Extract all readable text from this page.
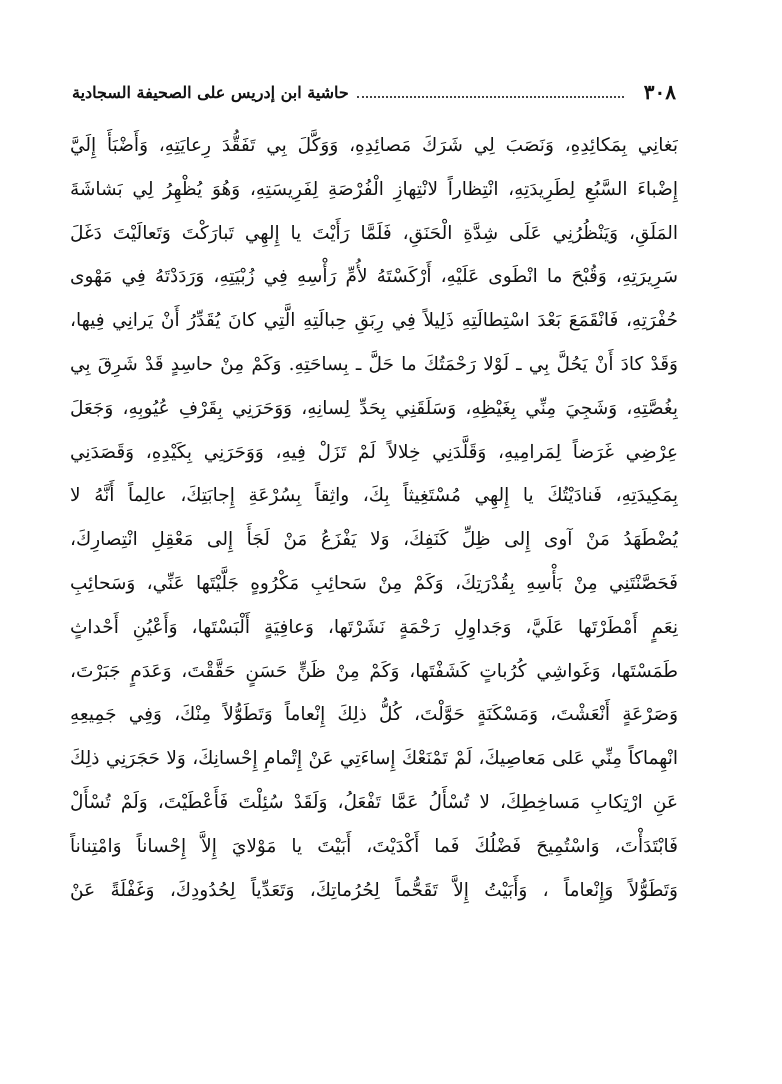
٣٠٨
حاشية ابن إدريس على الصحيفة السجادية
بَغانِي بِمَكائِدِهِ، وَنَصَبَ لِي شَرَكَ مَصائِدِهِ، وَوَكَّلَ بِي تَفَقُّدَ رِعايَتِهِ، وَأَضْبَأَ إِلَيَّ
إِضْباءَ السَّبُعِ لِطَرِيدَتِهِ، انْتِظاراً لانْتِهازِ الْفُرْصَةِ لِفَرِيسَتِهِ، وَهُوَ يُظْهِرُ لِي بَشاشَةَ
المَلَقِ، وَيَنْظُرُنِي عَلَى شِدَّةِ الْحَنَقِ، فَلَمَّا رَأَيْتَ يا إِلهِي تَبارَكْتَ وَتَعالَيْتَ دَغَلَ
سَرِيرَتِهِ، وَقُبْحَ ما انْطَوى عَلَيْهِ، أَرْكَسْتَهُ لأُمِّ رَأْسِهِ فِي زُبْيَتِهِ، وَرَدَدْتَهُ فِي مَهْوى
حُفْرَتِهِ، فَانْقَمَعَ بَعْدَ اسْتِطالَتِهِ ذَلِيلاً فِي رِبَقِ حِبالَتِهِ الَّتِي كانَ يُقَدِّرُ أَنْ يَرانِي فِيها،
وَقَدْ كادَ أَنْ يَحُلَّ بِي ـ لَوْلا رَحْمَتُكَ ما حَلَّ ـ بِساحَتِهِ. وَكَمْ مِنْ حاسِدٍ قَدْ شَرِقَ بِي
بِغُصَّتِهِ، وَشَجِيَ مِنِّي بِغَيْظِهِ، وَسَلَقَنِي بِحَدِّ لِسانِهِ، وَوَحَرَنِي بِقَرْفِ عُيُوبِهِ، وَجَعَلَ
عِرْضِي غَرَضاً لِمَرامِيهِ، وَقَلَّدَنِي خِلالاً لَمْ تَزَلْ فِيهِ، وَوَحَرَنِي بِكَيْدِهِ، وَقَصَدَنِي
بِمَكِيدَتِهِ، فَنادَيْتُكَ يا إِلهِي مُسْتَغِيثاً بِكَ، واثِقاً بِسُرْعَةِ إِجابَتِكَ، عالِماً أَنَّهُ لا
يُضْطَهَدُ مَنْ آوى إِلى ظِلِّ كَنَفِكَ، وَلا يَفْزَعُ مَنْ لَجَأَ إِلى مَعْقِلِ انْتِصارِكَ،
فَحَصَّنْتَنِي مِنْ بَأْسِهِ بِقُدْرَتِكَ، وَكَمْ مِنْ سَحائِبِ مَكْرُوهٍ جَلَّيْتَها عَنِّي، وَسَحائِبِ
نِعَمٍ أَمْطَرْتَها عَلَيَّ، وَجَداوِلِ رَحْمَةٍ نَشَرْتَها، وَعافِيَةٍ أَلْبَسْتَها، وَأَعْيُنِ أَحْداثٍ
طَمَسْتَها، وَغَواشِي كُرُباتٍ كَشَفْتَها، وَكَمْ مِنْ ظَنٍّ حَسَنٍ حَقَّقْتَ، وَعَدَمٍ جَبَرْتَ،
وَصَرْعَةٍ أَنْعَشْتَ، وَمَسْكَنَةٍ حَوَّلْتَ، كُلُّ ذلِكَ إِنْعاماً وَتَطَوُّلاً مِنْكَ، وَفِي جَمِيعِهِ
انْهِماكاً مِنِّي عَلى مَعاصِيكَ، لَمْ تَمْنَعْكَ إِساءَتِي عَنْ إِتْمامِ إِحْسانِكَ، وَلا حَجَرَنِي ذلِكَ
عَنِ ارْتِكابِ مَساخِطِكَ، لا تُسْأَلُ عَمَّا تَفْعَلُ، وَلَقَدْ سُئِلْتَ فَأَعْطَيْتَ، وَلَمْ تُسْأَلْ
فَابْتَدَأْتَ، وَاسْتُمِيحَ فَضْلُكَ فَما أَكْدَيْتَ، أَبَيْتَ يا مَوْلايَ إِلاَّ إِحْساناً وَامْتِناناً
وَتَطَوُّلاً وَإِنْعاماً ، وَأَبَيْتُ إِلاَّ تَقَحُّماً لِحُرُماتِكَ، وَتَعَدِّياً لِحُدُودِكَ، وَغَفْلَةً عَنْ
